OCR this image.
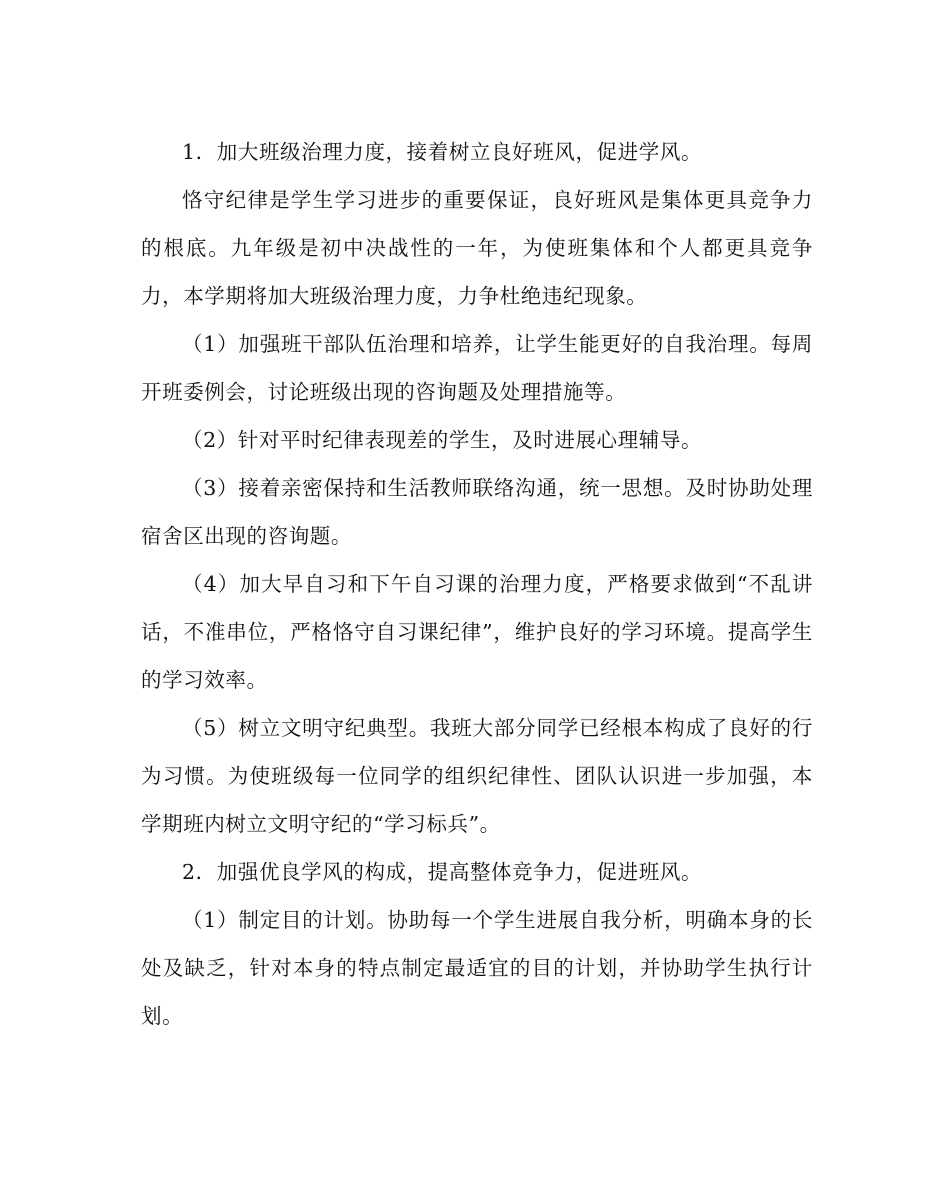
1．加大班级治理力度，接着树立良好班风，促进学风。

恪守纪律是学生学习进步的重要保证，良好班风是集体更具竞争力的根底。九年级是初中决战性的一年，为使班集体和个人都更具竞争力，本学期将加大班级治理力度，力争杜绝违纪现象。

（1）加强班干部队伍治理和培养，让学生能更好的自我治理。每周开班委例会，讨论班级出现的咨询题及处理措施等。

（2）针对平时纪律表现差的学生，及时进展心理辅导。

（3）接着亲密保持和生活教师联络沟通，统一思想。及时协助处理宿舍区出现的咨询题。

（4）加大早自习和下午自习课的治理力度，严格要求做到“不乱讲话，不准串位，严格恪守自习课纪律”，维护良好的学习环境。提高学生的学习效率。

（5）树立文明守纪典型。我班大部分同学已经根本构成了良好的行为习惯。为使班级每一位同学的组织纪律性、团队认识进一步加强，本学期班内树立文明守纪的“学习标兵”。

2．加强优良学风的构成，提高整体竞争力，促进班风。

（1）制定目的计划。协助每一个学生进展自我分析，明确本身的长处及缺乏，针对本身的特点制定最适宜的目的计划，并协助学生执行计划。
